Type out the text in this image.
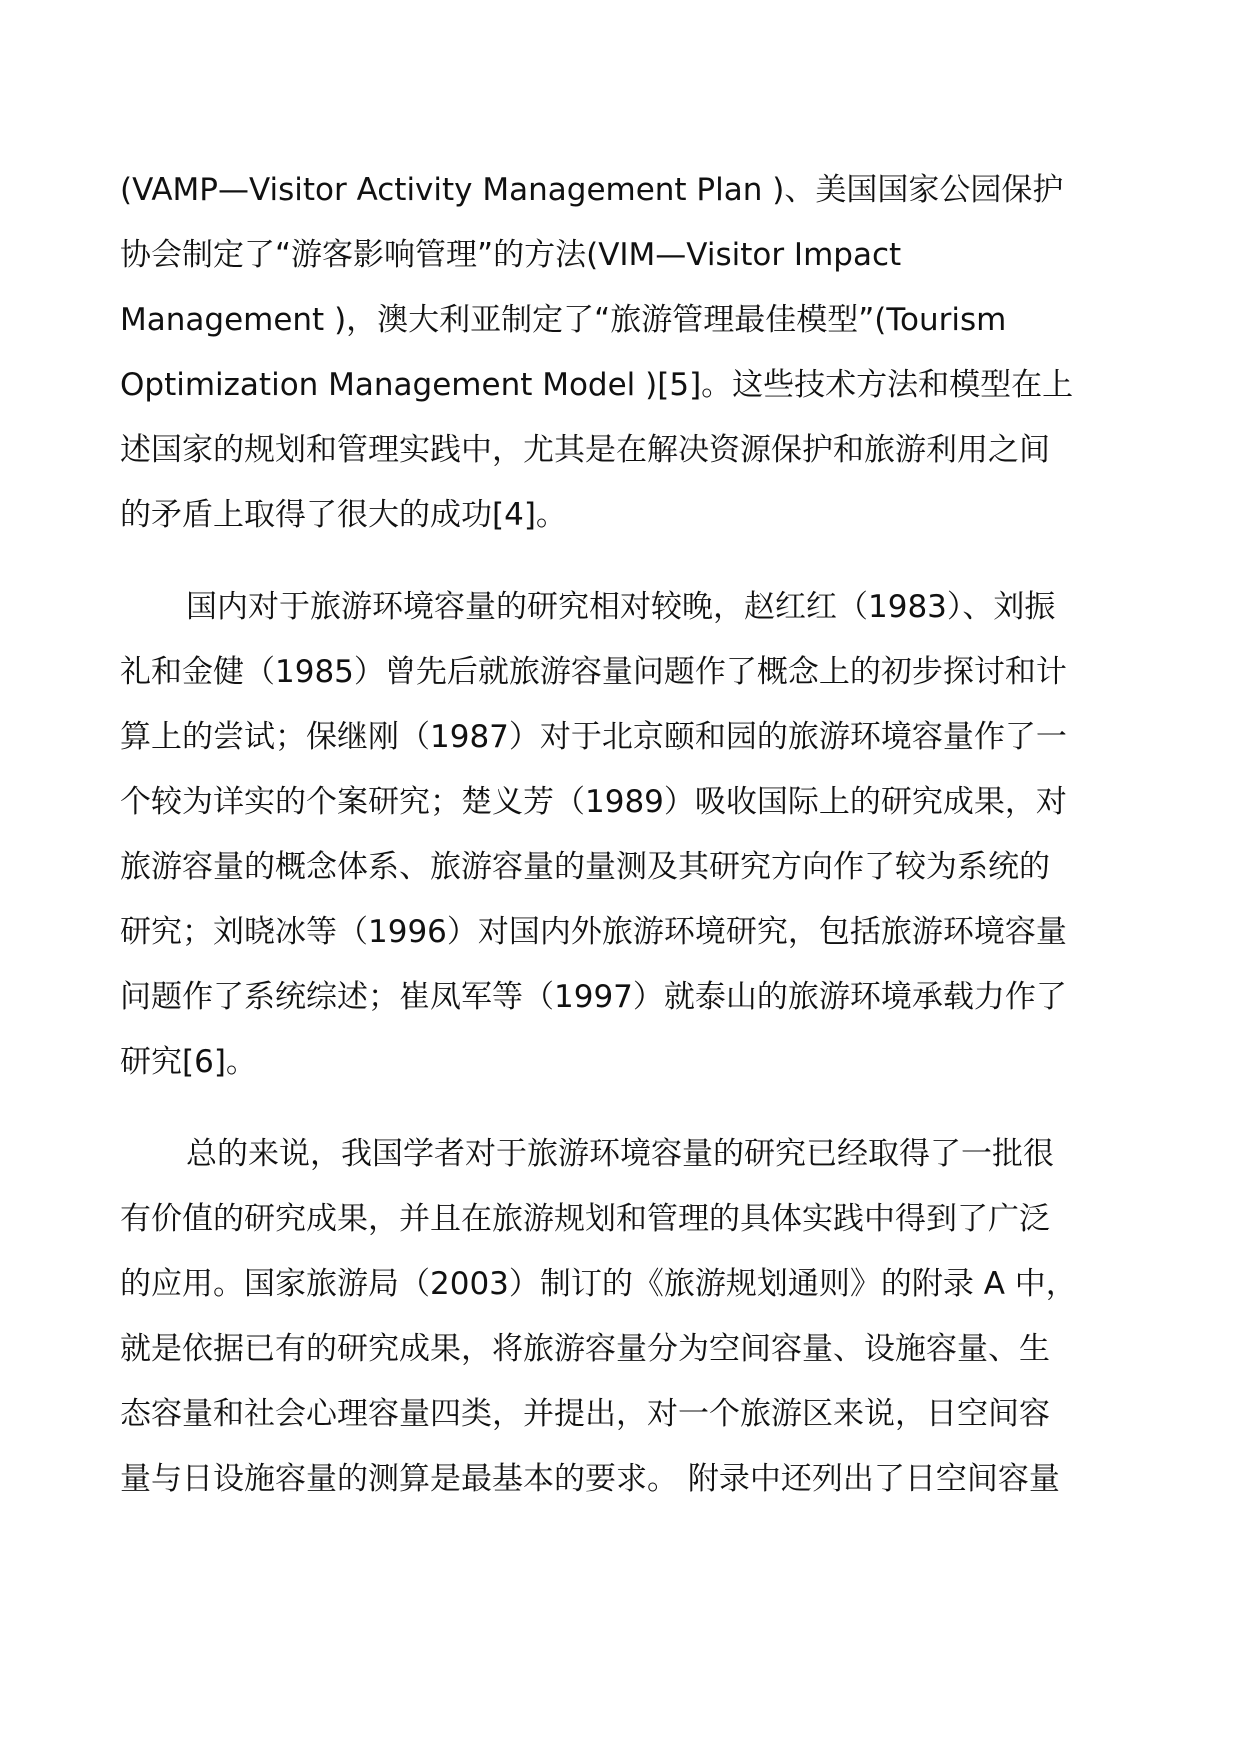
(VAMP—Visitor Activity Management Plan )、美国国家公园保护
协会制定了“游客影响管理”的方法(VIM—Visitor Impact
Management )，澳大利亚制定了“旅游管理最佳模型”(Tourism
Optimization Management Model )[5]。这些技术方法和模型在上
述国家的规划和管理实践中，尤其是在解决资源保护和旅游利用之间
的矛盾上取得了很大的成功[4]。
国内对于旅游环境容量的研究相对较晚，赵红红（1983）、刘振
礼和金健（1985）曾先后就旅游容量问题作了概念上的初步探讨和计
算上的尝试；保继刚（1987）对于北京颐和园的旅游环境容量作了一
个较为详实的个案研究；楚义芳（1989）吸收国际上的研究成果，对
旅游容量的概念体系、旅游容量的量测及其研究方向作了较为系统的
研究；刘晓冰等（1996）对国内外旅游环境研究，包括旅游环境容量
问题作了系统综述；崔凤军等（1997）就泰山的旅游环境承载力作了
研究[6]。
总的来说，我国学者对于旅游环境容量的研究已经取得了一批很
有价值的研究成果，并且在旅游规划和管理的具体实践中得到了广泛
的应用。国家旅游局（2003）制订的《旅游规划通则》的附录 A 中，
就是依据已有的研究成果，将旅游容量分为空间容量、设施容量、生
态容量和社会心理容量四类，并提出，对一个旅游区来说，日空间容
量与日设施容量的测算是最基本的要求。 附录中还列出了日空间容量
